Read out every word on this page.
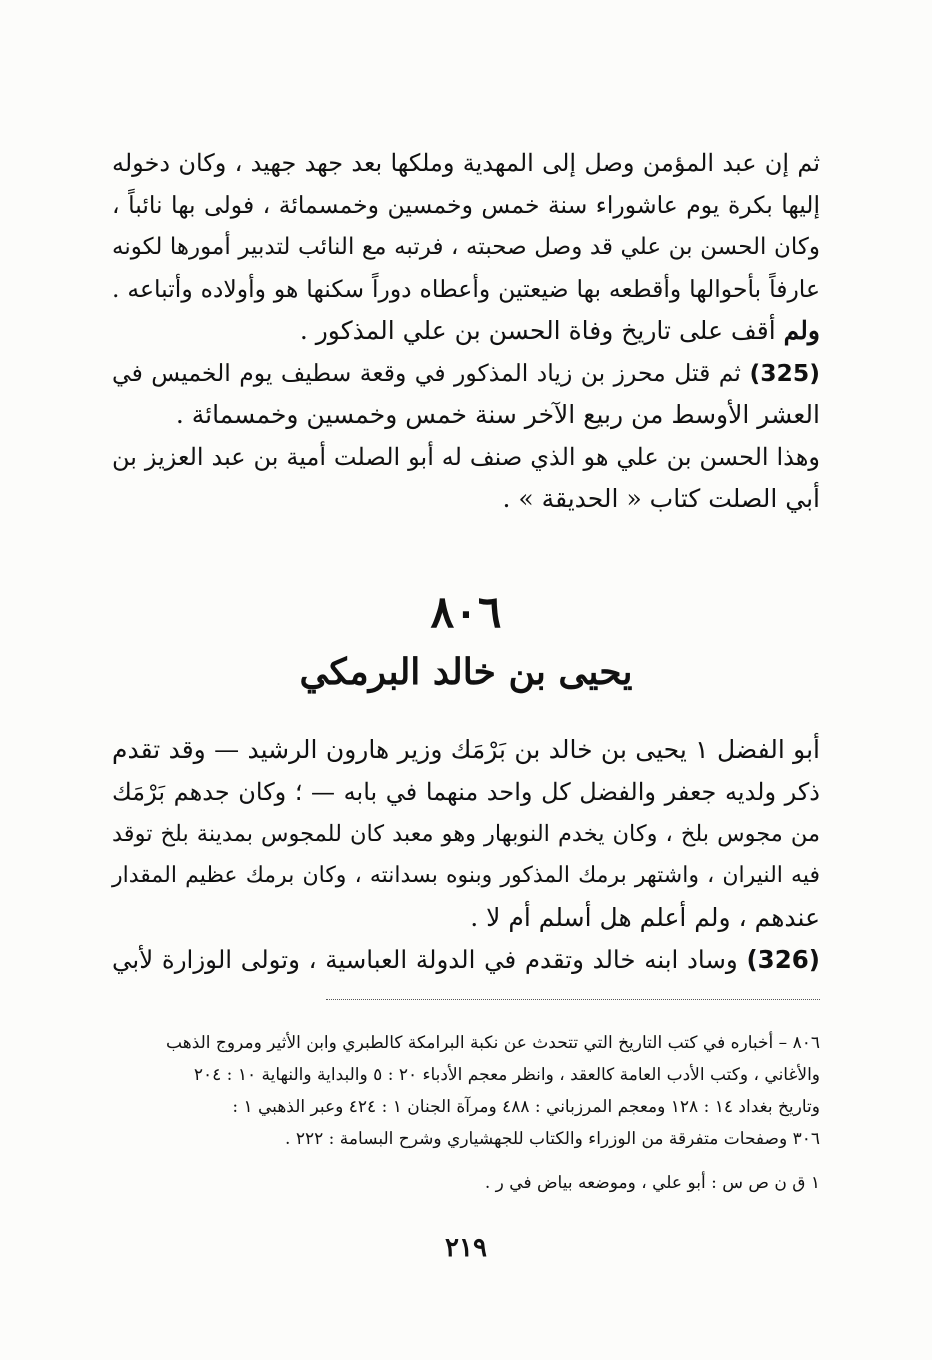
ثم إن عبد المؤمن وصل إلى المهدية وملكها بعد جهد جهيد ، وكان دخوله
إليها بكرة يوم عاشوراء سنة خمس وخمسين وخمسمائة ، فولى بها نائباً ،
وكان الحسن بن علي قد وصل صحبته ، فرتبه مع النائب لتدبير أمورها لكونه
عارفاً بأحوالها وأقطعه بها ضيعتين وأعطاه دوراً سكنها هو وأولاده وأتباعه .
ولم أقف على تاريخ وفاة الحسن بن علي المذكور .
(325) ثم قتل محرز بن زياد المذكور في وقعة سطيف يوم الخميس في
العشر الأوسط من ربيع الآخر سنة خمس وخمسين وخمسمائة .
وهذا الحسن بن علي هو الذي صنف له أبو الصلت أمية بن عبد العزيز بن
أبي الصلت كتاب « الحديقة » .
٨٠٦
يحيى بن خالد البرمكي
أبو الفضل ١ يحيى بن خالد بن بَرْمَك وزير هارون الرشيد — وقد تقدم
ذكر ولديه جعفر والفضل كل واحد منهما في بابه — ؛ وكان جدهم بَرْمَك
من مجوس بلخ ، وكان يخدم النوبهار وهو معبد كان للمجوس بمدينة بلخ توقد
فيه النيران ، واشتهر برمك المذكور وبنوه بسدانته ، وكان برمك عظيم المقدار
عندهم ، ولم أعلم هل أسلم أم لا .
(326) وساد ابنه خالد وتقدم في الدولة العباسية ، وتولى الوزارة لأبي
٨٠٦ – أخباره في كتب التاريخ التي تتحدث عن نكبة البرامكة كالطبري وابن الأثير ومروج الذهب
والأغاني ، وكتب الأدب العامة كالعقد ، وانظر معجم الأدباء ٢٠ : ٥ والبداية والنهاية ١٠ : ٢٠٤
وتاريخ بغداد ١٤ : ١٢٨ ومعجم المرزباني : ٤٨٨ ومرآة الجنان ١ : ٤٢٤ وعبر الذهبي ١ :
٣٠٦ وصفحات متفرقة من الوزراء والكتاب للجهشياري وشرح البسامة : ٢٢٢ .
١ ق ن ص س : أبو علي ، وموضعه بياض في ر .
٢١٩
